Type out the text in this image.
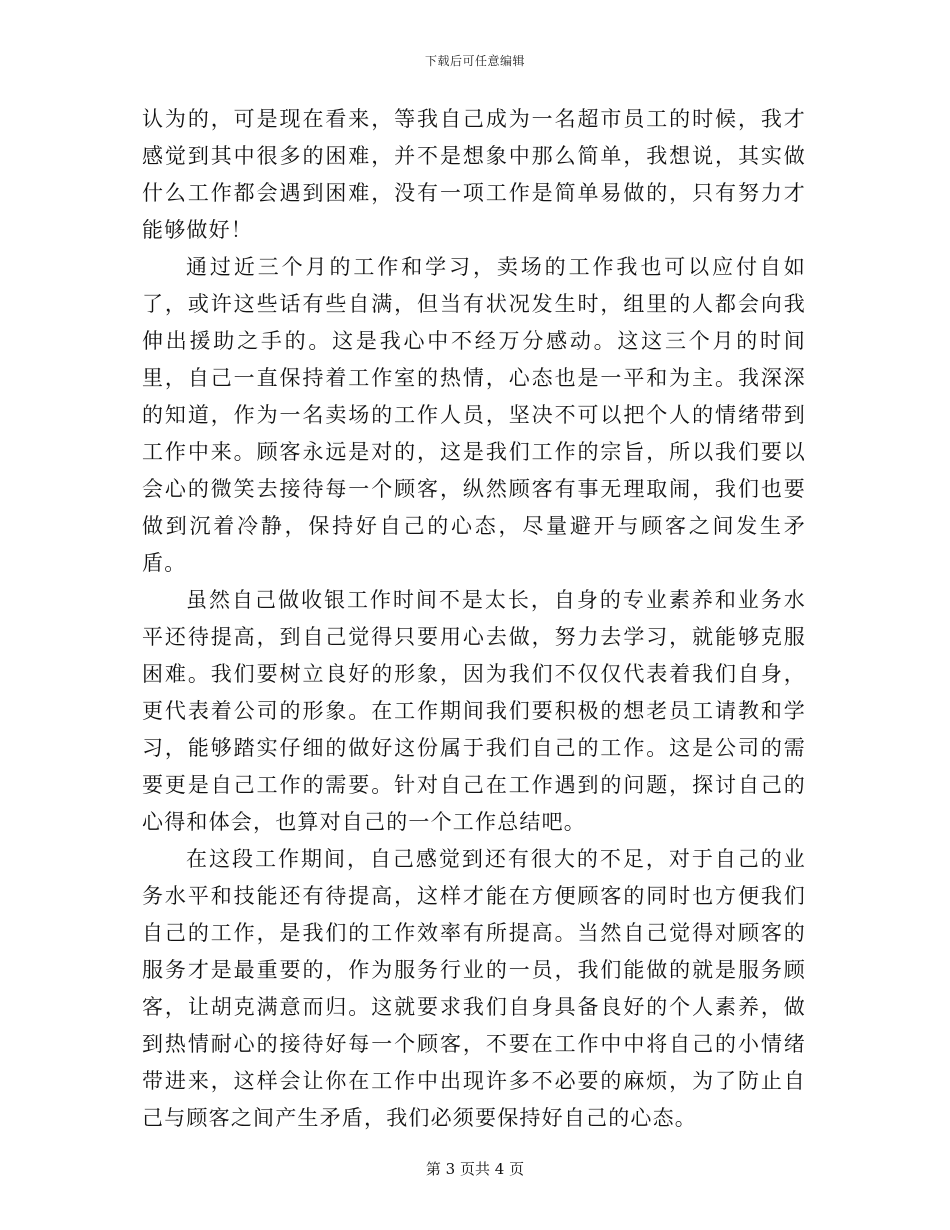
下载后可任意编辑

认为的，可是现在看来，等我自己成为一名超市员工的时候，我才感觉到其中很多的困难，并不是想象中那么简单，我想说，其实做什么工作都会遇到困难，没有一项工作是简单易做的，只有努力才能够做好！

通过近三个月的工作和学习，卖场的工作我也可以应付自如了，或许这些话有些自满，但当有状况发生时，组里的人都会向我伸出援助之手的。这是我心中不经万分感动。这这三个月的时间里，自己一直保持着工作室的热情，心态也是一平和为主。我深深的知道，作为一名卖场的工作人员，坚决不可以把个人的情绪带到工作中来。顾客永远是对的，这是我们工作的宗旨，所以我们要以会心的微笑去接待每一个顾客，纵然顾客有事无理取闹，我们也要做到沉着冷静，保持好自己的心态，尽量避开与顾客之间发生矛盾。

虽然自己做收银工作时间不是太长，自身的专业素养和业务水平还待提高，到自己觉得只要用心去做，努力去学习，就能够克服困难。我们要树立良好的形象，因为我们不仅仅代表着我们自身，更代表着公司的形象。在工作期间我们要积极的想老员工请教和学习，能够踏实仔细的做好这份属于我们自己的工作。这是公司的需要更是自己工作的需要。针对自己在工作遇到的问题，探讨自己的心得和体会，也算对自己的一个工作总结吧。

在这段工作期间，自己感觉到还有很大的不足，对于自己的业务水平和技能还有待提高，这样才能在方便顾客的同时也方便我们自己的工作，是我们的工作效率有所提高。当然自己觉得对顾客的服务才是最重要的，作为服务行业的一员，我们能做的就是服务顾客，让胡克满意而归。这就要求我们自身具备良好的个人素养，做到热情耐心的接待好每一个顾客，不要在工作中中将自己的小情绪带进来，这样会让你在工作中出现许多不必要的麻烦，为了防止自己与顾客之间产生矛盾，我们必须要保持好自己的心态。

第 3 页共 4 页
